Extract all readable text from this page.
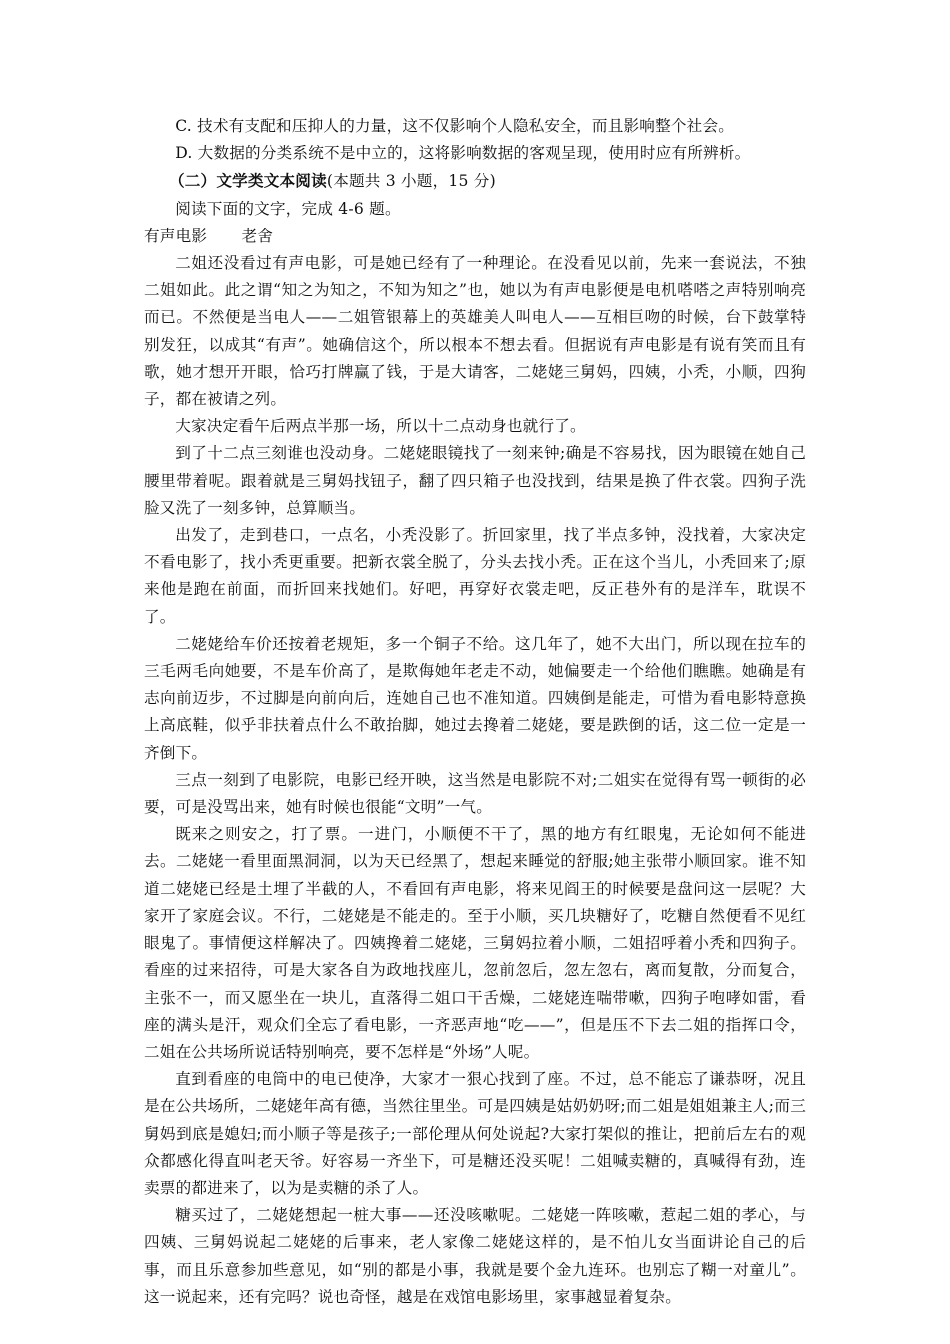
C. 技术有支配和压抑人的力量，这不仅影响个人隐私安全，而且影响整个社会。

D. 大数据的分类系统不是中立的，这将影响数据的客观呈现，使用时应有所辨析。

（二）文学类文本阅读(本题共 3 小题，15 分)

阅读下面的文字，完成 4-6 题。

有声电影 老舍

二姐还没看过有声电影，可是她已经有了一种理论。在没看见以前，先来一套说法，不独二姐如此。此之谓“知之为知之，不知为知之”也，她以为有声电影便是电机嗒嗒之声特别响亮而已。不然便是当电人——二姐管银幕上的英雄美人叫电人——互相巨吻的时候，台下鼓掌特别发狂，以成其“有声”。她确信这个，所以根本不想去看。但据说有声电影是有说有笑而且有歌，她才想开开眼，恰巧打牌赢了钱，于是大请客，二姥姥三舅妈，四姨，小秃，小顺，四狗子，都在被请之列。

大家决定看午后两点半那一场，所以十二点动身也就行了。

到了十二点三刻谁也没动身。二姥姥眼镜找了一刻来钟;确是不容易找，因为眼镜在她自己腰里带着呢。跟着就是三舅妈找钮子，翻了四只箱子也没找到，结果是换了件衣裳。四狗子洗脸又洗了一刻多钟，总算顺当。

出发了，走到巷口，一点名，小秃没影了。折回家里，找了半点多钟，没找着，大家决定不看电影了，找小秃更重要。把新衣裳全脱了，分头去找小秃。正在这个当儿，小秃回来了;原来他是跑在前面，而折回来找她们。好吧，再穿好衣裳走吧，反正巷外有的是洋车，耽误不了。

二姥姥给车价还按着老规矩，多一个铜子不给。这几年了，她不大出门，所以现在拉车的三毛两毛向她要，不是车价高了，是欺侮她年老走不动，她偏要走一个给他们瞧瞧。她确是有志向前迈步，不过脚是向前向后，连她自己也不准知道。四姨倒是能走，可惜为看电影特意换上高底鞋，似乎非扶着点什么不敢抬脚，她过去搀着二姥姥，要是跌倒的话，这二位一定是一齐倒下。

三点一刻到了电影院，电影已经开映，这当然是电影院不对;二姐实在觉得有骂一顿街的必要，可是没骂出来，她有时候也很能“文明”一气。

既来之则安之，打了票。一进门，小顺便不干了，黑的地方有红眼鬼，无论如何不能进去。二姥姥一看里面黑洞洞，以为天已经黑了，想起来睡觉的舒服;她主张带小顺回家。谁不知道二姥姥已经是土埋了半截的人，不看回有声电影，将来见阎王的时候要是盘问这一层呢？大家开了家庭会议。不行，二姥姥是不能走的。至于小顺，买几块糖好了，吃糖自然便看不见红眼鬼了。事情便这样解决了。四姨搀着二姥姥，三舅妈拉着小顺，二姐招呼着小秃和四狗子。看座的过来招待，可是大家各自为政地找座儿，忽前忽后，忽左忽右，离而复散，分而复合，主张不一，而又愿坐在一块儿，直落得二姐口干舌燥，二姥姥连喘带嗽，四狗子咆哮如雷，看座的满头是汗，观众们全忘了看电影，一齐恶声地“吃——”，但是压不下去二姐的指挥口令，二姐在公共场所说话特别响亮，要不怎样是“外场”人呢。

直到看座的电筒中的电已使净，大家才一狠心找到了座。不过，总不能忘了谦恭呀，况且是在公共场所，二姥姥年高有德，当然往里坐。可是四姨是姑奶奶呀;而二姐是姐姐兼主人;而三舅妈到底是媳妇;而小顺子等是孩子;一部伦理从何处说起?大家打架似的推让，把前后左右的观众都感化得直叫老天爷。好容易一齐坐下，可是糖还没买呢！二姐喊卖糖的，真喊得有劲，连卖票的都进来了，以为是卖糖的杀了人。

糖买过了，二姥姥想起一桩大事——还没咳嗽呢。二姥姥一阵咳嗽，惹起二姐的孝心，与四姨、三舅妈说起二姥姥的后事来，老人家像二姥姥这样的，是不怕儿女当面讲论自己的后事，而且乐意参加些意见，如“别的都是小事，我就是要个金九连环。也别忘了糊一对童儿”。这一说起来，还有完吗？说也奇怪，越是在戏馆电影场里，家事越显着复杂。
